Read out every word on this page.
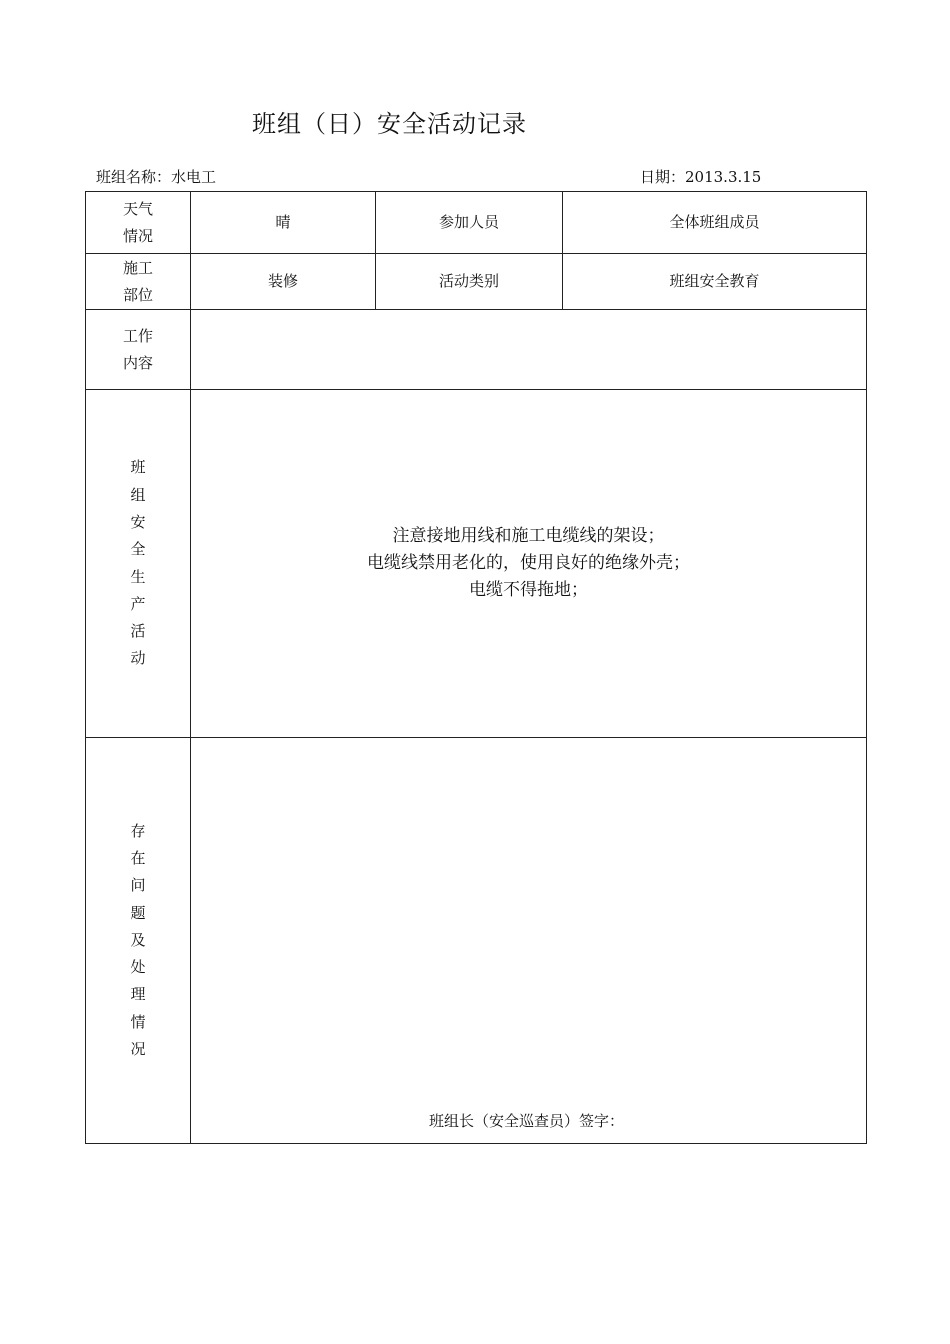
班组（日）安全活动记录
班组名称：水电工	日期：2013.3.15
天气情况	晴	参加人员	全体班组成员

施工部位	装修	活动类别	班组安全教育

工作内容			

班组安全生产活动	注意接地用线和施工电缆线的架设；
电缆线禁用老化的，使用良好的绝缘外壳；
电缆不得拖地；		

存在问题及处理情况	班组长（安全巡查员）签字：		
